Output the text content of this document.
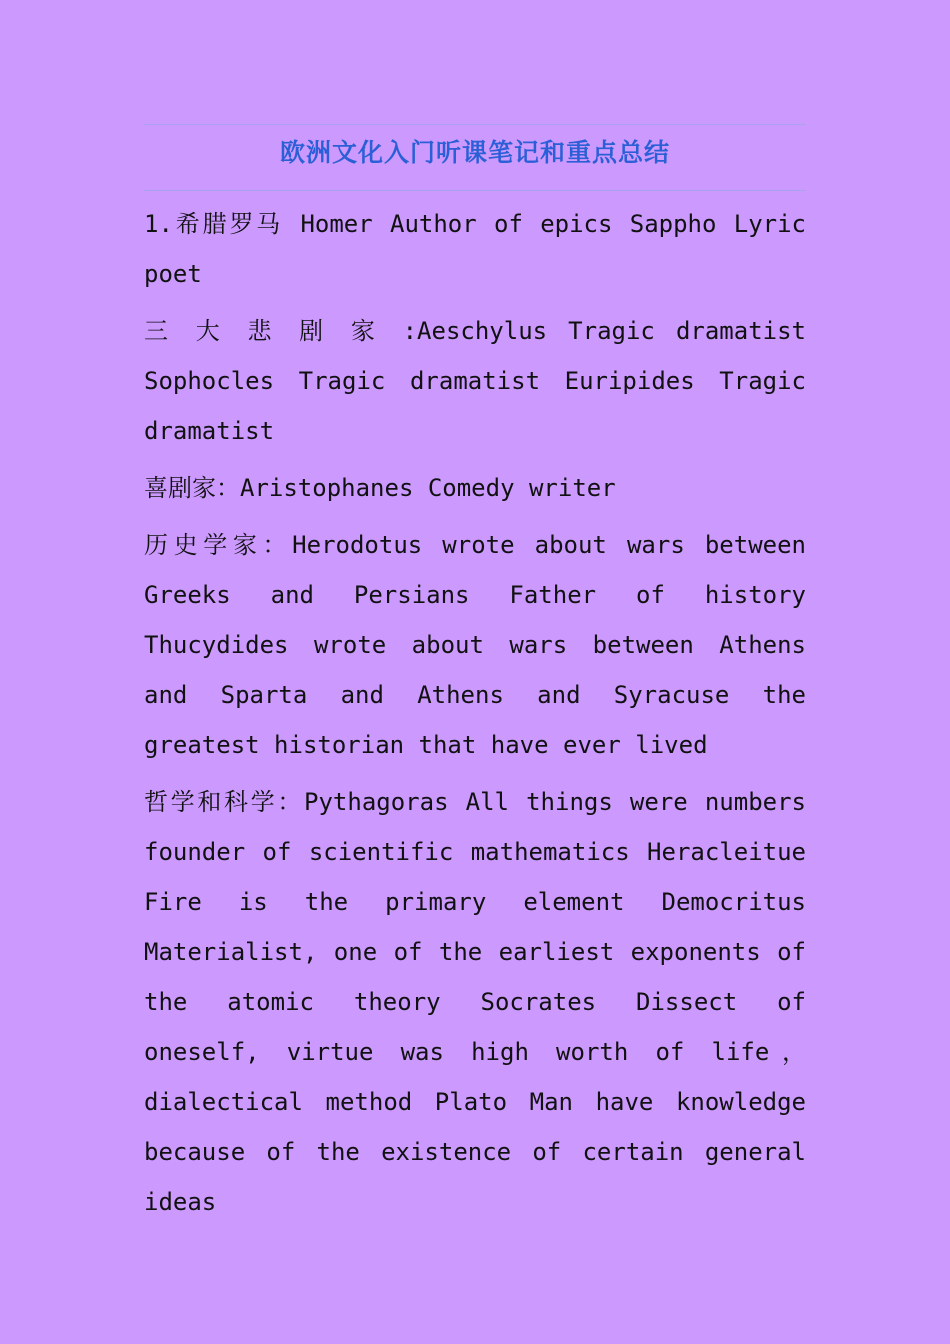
欧洲文化入门听课笔记和重点总结

1.希腊罗马 Homer Author of epics Sappho Lyric poet

三 大 悲 剧 家 :Aeschylus Tragic dramatist Sophocles Tragic dramatist Euripides Tragic dramatist

喜剧家：Aristophanes Comedy writer

历史学家：Herodotus wrote about wars between Greeks and Persians Father of history Thucydides wrote about wars between Athens and Sparta and Athens and Syracuse the greatest historian that have ever lived

哲学和科学：Pythagoras All things were numbers founder of scientific mathematics Heracleitue Fire is the primary element Democritus Materialist, one of the earliest exponents of the atomic theory Socrates Dissect of oneself, virtue was high worth of life， dialectical method Plato Man have knowledge because of the existence of certain general ideas
